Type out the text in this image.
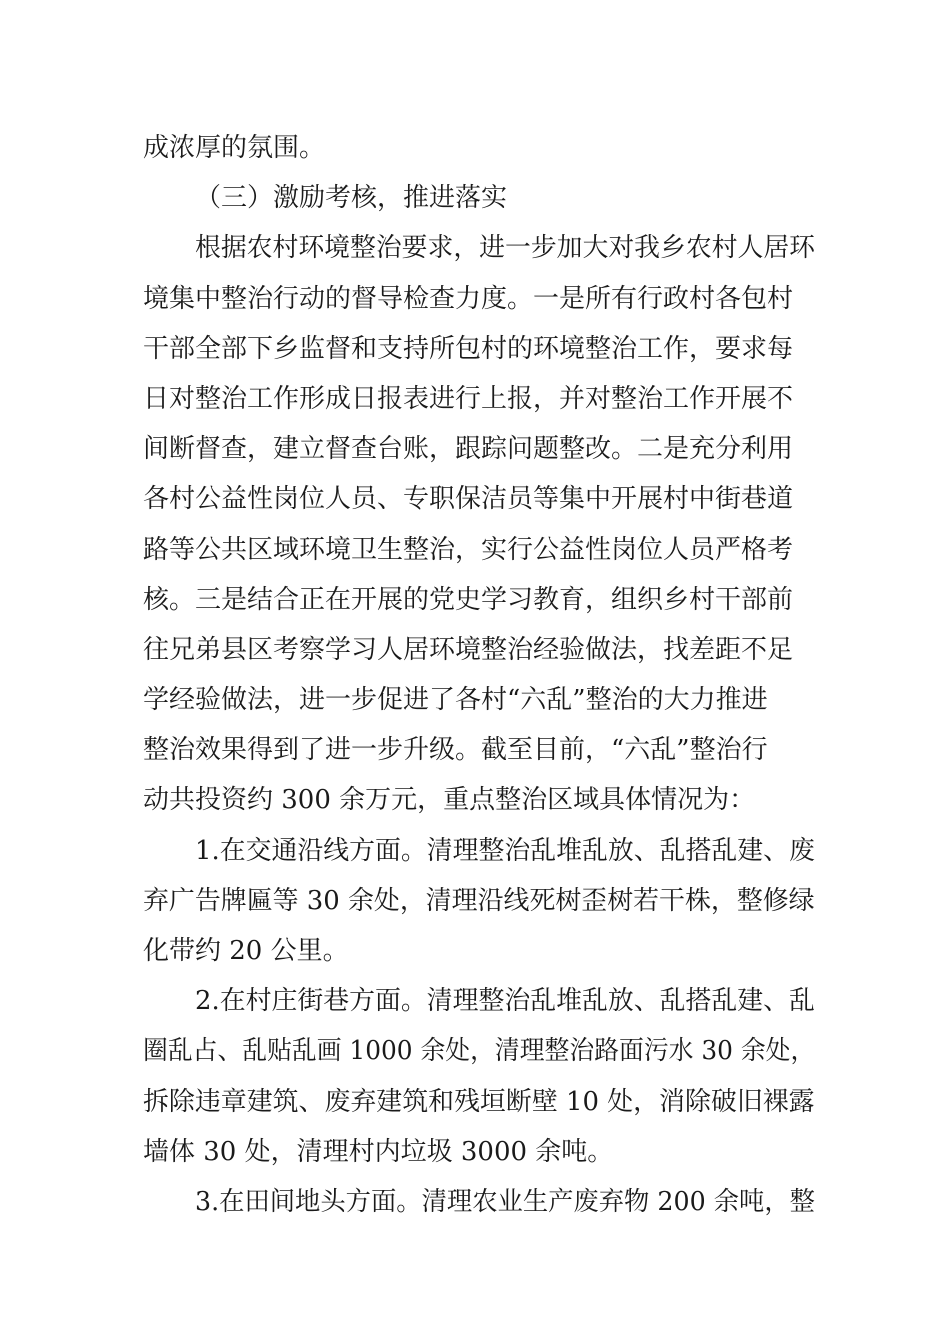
成浓厚的氛围。
（三）激励考核，推进落实
根据农村环境整治要求，进一步加大对我乡农村人居环
境集中整治行动的督导检查力度。一是所有行政村各包村
干部全部下乡监督和支持所包村的环境整治工作，要求每
日对整治工作形成日报表进行上报，并对整治工作开展不
间断督查，建立督查台账，跟踪问题整改。二是充分利用
各村公益性岗位人员、专职保洁员等集中开展村中街巷道
路等公共区域环境卫生整治，实行公益性岗位人员严格考
核。三是结合正在开展的党史学习教育，组织乡村干部前
往兄弟县区考察学习人居环境整治经验做法，找差距不足
学经验做法，进一步促进了各村“六乱”整治的大力推进
整治效果得到了进一步升级。截至目前，“六乱”整治行
动共投资约 300 余万元，重点整治区域具体情况为：
1.在交通沿线方面。清理整治乱堆乱放、乱搭乱建、废
弃广告牌匾等 30 余处，清理沿线死树歪树若干株，整修绿
化带约 20 公里。
2.在村庄街巷方面。清理整治乱堆乱放、乱搭乱建、乱
圈乱占、乱贴乱画 1000 余处，清理整治路面污水 30 余处，
拆除违章建筑、废弃建筑和残垣断壁 10 处，消除破旧裸露
墙体 30 处，清理村内垃圾 3000 余吨。
3.在田间地头方面。清理农业生产废弃物 200 余吨，整
